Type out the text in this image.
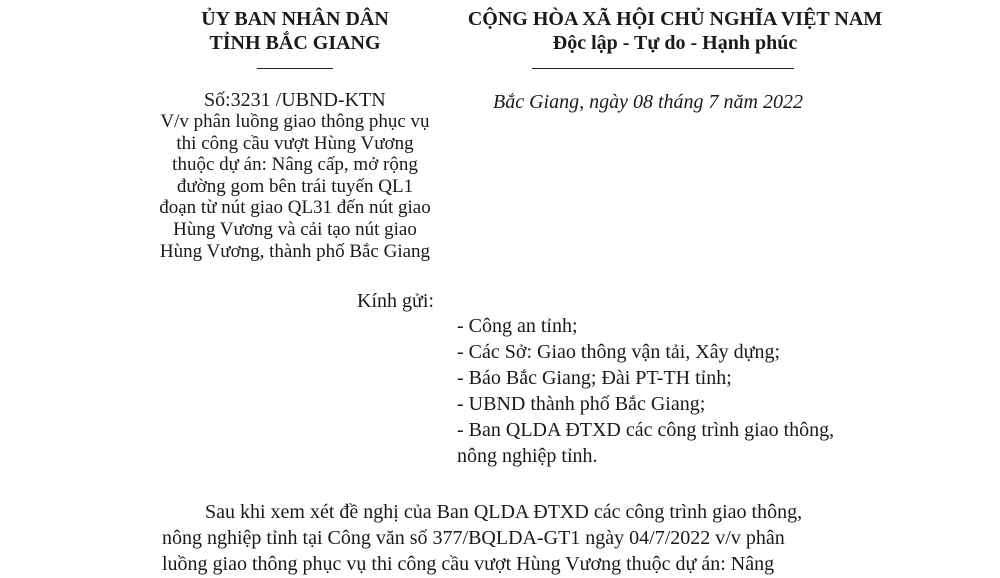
ỦY BAN NHÂN DÂN
TỈNH BẮC GIANG
Số:3231 /UBND-KTN
V/v phân luồng giao thông phục vụ
thi công cầu vượt Hùng Vương
thuộc dự án: Nâng cấp, mở rộng
đường gom bên trái tuyến QL1
đoạn từ nút giao QL31 đến nút giao
Hùng Vương và cải tạo nút giao
Hùng Vương, thành phố Bắc Giang
CỘNG HÒA XÃ HỘI CHỦ NGHĨA VIỆT NAM
Độc lập - Tự do - Hạnh phúc
Bắc Giang, ngày 08 tháng 7 năm 2022
Kính gửi:
- Công an tỉnh;
- Các Sở: Giao thông vận tải, Xây dựng;
- Báo Bắc Giang; Đài PT-TH tỉnh;
- UBND thành phố Bắc Giang;
- Ban QLDA ĐTXD các công trình giao thông,
nông nghiệp tỉnh.
Sau khi xem xét đề nghị của Ban QLDA ĐTXD các công trình giao thông,
nông nghiệp tỉnh tại Công văn số 377/BQLDA-GT1 ngày 04/7/2022 v/v phân
luồng giao thông phục vụ thi công cầu vượt Hùng Vương thuộc dự án: Nâng
